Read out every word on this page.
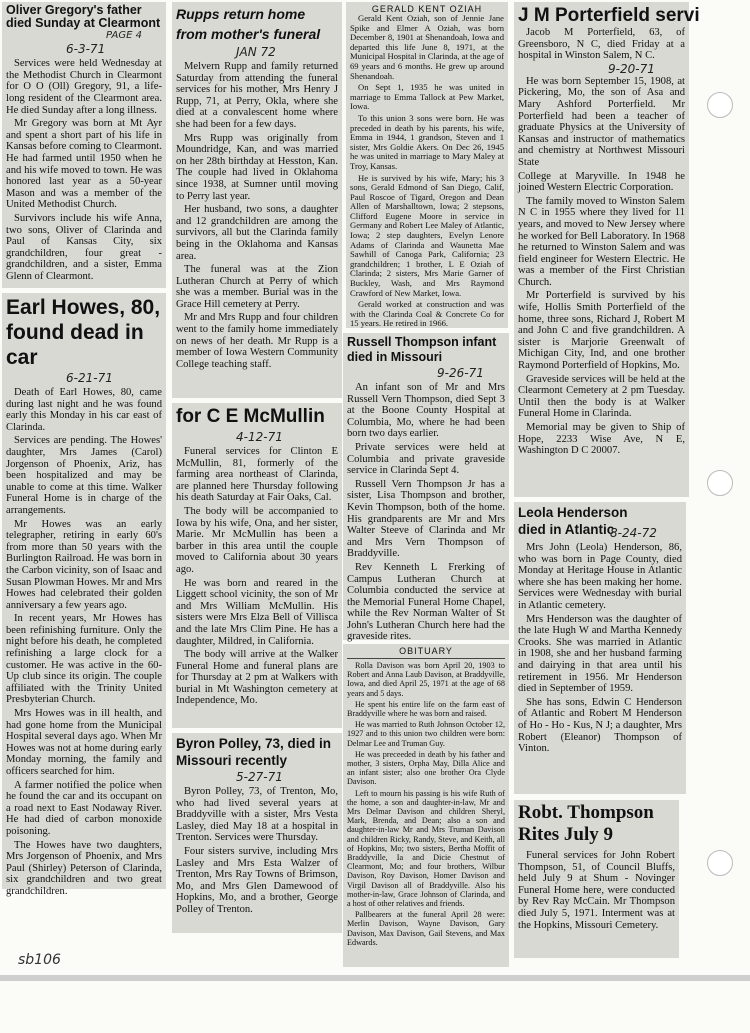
Oliver Gregory's father died Sunday at Clearmont
PAGE 4
6-3-71

Services were held Wednesday at the Methodist Church in Clearmont for O O (Oll) Gregory, 91, a life-long resident of the Clearmont area. He died Sunday after a long illness.

Mr Gregory was born at Mt Ayr and spent a short part of his life in Kansas before coming to Clearmont. He had farmed until 1950 when he and his wife moved to town. He was honored last year as a 50-year Mason and was a member of the United Methodist Church.

Survivors include his wife Anna, two sons, Oliver of Clarinda and Paul of Kansas City, six grandchildren, four great - grandchildren, and a sister, Emma Glenn of Clearmont.

Earl Howes, 80, found dead in car
6-21-71

Death of Earl Howes, 80, came during last night and he was found early this Monday in his car east of Clarinda.

Services are pending. The Howes' daughter, Mrs James (Carol) Jorgenson of Phoenix, Ariz, has been hospitalized and may be unable to come at this time. Walker Funeral Home is in charge of the arrangements.

Mr Howes was an early telegrapher, retiring in early 60's from more than 50 years with the Burlington Railroad. He was born in the Carbon vicinity, son of Isaac and Susan Plowman Howes. Mr and Mrs Howes had celebrated their golden anniversary a few years ago.

In recent years, Mr Howes has been refinishing furniture. Only the night before his death, he completed refinishing a large clock for a customer. He was active in the 60-Up club since its origin. The couple affiliated with the Trinity United Presbyterian Church.

Mrs Howes was in ill health, and had gone home from the Municipal Hospital several days ago. When Mr Howes was not at home during early Monday morning, the family and officers searched for him.

A farmer notified the police when he found the car and its occupant on a road next to East Nodaway River. He had died of carbon monoxide poisoning.

The Howes have two daughters, Mrs Jorgenson of Phoenix, and Mrs Paul (Shirley) Peterson of Clarinda, six grandchildren and two great grandchildren.

Rupps return home from mother's funeral
JAN 72

Melvern Rupp and family returned Saturday from attending the funeral services for his mother, Mrs Henry J Rupp, 71, at Perry, Okla, where she died at a convalescent home where she had been for a few days.

Mrs Rupp was originally from Moundridge, Kan, and was married on her 28th birthday at Hesston, Kan. The couple had lived in Oklahoma since 1938, at Sumner until moving to Perry last year.

Her husband, two sons, a daughter and 12 grandchildren are among the survivors, all but the Clarinda family being in the Oklahoma and Kansas area.

The funeral was at the Zion Lutheran Church at Perry of which she was a member. Burial was in the Grace Hill cemetery at Perry.

Mr and Mrs Rupp and four children went to the family home immediately on news of her death. Mr Rupp is a member of Iowa Western Community College teaching staff.

for C E McMullin
4-12-71

Funeral services for Clinton E McMullin, 81, formerly of the farming area northeast of Clarinda, are planned here Thursday following his death Saturday at Fair Oaks, Cal.

The body will be accompanied to Iowa by his wife, Ona, and her sister, Marie. Mr McMullin has been a barber in this area until the couple moved to California about 30 years ago.

He was born and reared in the Liggett school vicinity, the son of Mr and Mrs William McMullin. His sisters were Mrs Elza Bell of Villisca and the late Mrs Clim Pine. He has a daughter, Mildred, in California.

The body will arrive at the Walker Funeral Home and funeral plans are for Thursday at 2 pm at Walkers with burial in Mt Washington cemetery at Independence, Mo.

Byron Polley, 73, died in Missouri recently
5-27-71

Byron Polley, 73, of Trenton, Mo, who had lived several years at Braddyville with a sister, Mrs Vesta Lasley, died May 18 at a hospital in Trenton. Services were Thursday.

Four sisters survive, including Mrs Lasley and Mrs Esta Walzer of Trenton, Mrs Ray Towns of Brimson, Mo, and Mrs Glen Damewood of Hopkins, Mo, and a brother, George Polley of Trenton.

GERALD KENT OZIAH

Gerald Kent Oziah, son of Jennie Jane Spike and Elmer A Oziah, was born December 8, 1901 at Shenandoah, Iowa and departed this life June 8, 1971, at the Municipal Hospital in Clarinda, at the age of 69 years and 6 months. He grew up around Shenandoah.

On Sept 1, 1935 he was united in marriage to Emma Tallock at Pew Market, Iowa.

To this union 3 sons were born. He was preceded in death by his parents, his wife, Emma in 1944, 1 grandson, Steven and 1 sister, Mrs Goldie Akers. On Dec 26, 1945 he was united in marriage to Mary Maley at Troy, Kansas.

He is survived by his wife, Mary; his 3 sons, Gerald Edmond of San Diego, Calif, Paul Roscoe of Tigard, Oregon and Dean Allen of Marshalltown, Iowa; 2 stepsons, Clifford Eugene Moore in service in Germany and Robert Lee Maley of Atlantic, Iowa; 2 step daughters, Evelyn Lenore Adams of Clarinda and Waunetta Mae Sawhill of Canoga Park, California; 23 grandchildren; 1 brother, L E Oziah of Clarinda; 2 sisters, Mrs Marie Garner of Buckley, Wash, and Mrs Raymond Crawford of New Market, Iowa.

Gerald worked at construction and was with the Clarinda Coal & Concrete Co for 15 years. He retired in 1966.

Russell Thompson infant died in Missouri
9-26-71

An infant son of Mr and Mrs Russell Vern Thompson, died Sept 3 at the Boone County Hospital at Columbia, Mo, where he had been born two days earlier.

Private services were held at Columbia and private graveside service in Clarinda Sept 4.

Russell Vern Thompson Jr has a sister, Lisa Thompson and brother, Kevin Thompson, both of the home. His grandparents are Mr and Mrs Walter Steeve of Clarinda and Mr and Mrs Vern Thompson of Braddyville.

Rev Kenneth L Frerking of Campus Lutheran Church at Columbia conducted the service at the Memorial Funeral Home Chapel, while the Rev Norman Walter of St John's Lutheran Church here had the graveside rites.

OBITUARY

Rolla Davison was born April 20, 1903 to Robert and Anna Laub Davison, at Braddyville, Iowa, and died April 25, 1971 at the age of 68 years and 5 days.

He spent his entire life on the farm east of Braddyville where he was born and raised.

He was married to Ruth Johnson October 12, 1927 and to this union two children were born: Delmar Lee and Truman Guy.

He was preceeded in death by his father and mother, 3 sisters, Orpha May, Dilla Alice and an infant sister; also one brother Ora Clyde Davison.

Left to mourn his passing is his wife Ruth of the home, a son and daughter-in-law, Mr and Mrs Delmar Davison and children Sheryl, Mark, Brenda, and Dean; also a son and daughter-in-law Mr and Mrs Truman Davison and children Ricky, Randy, Steve, and Keith, all of Hopkins, Mo; two sisters, Bertha Moffit of Braddyville, Ia and Dicie Chestnut of Clearmont, Mo; and four brothers, Wilbur Davison, Roy Davison, Homer Davison and Virgil Davison all of Braddyville. Also his mother-in-law, Grace Johnson of Clarinda, and a host of other relatives and friends.

Pallbearers at the funeral April 28 were: Merlin Davison, Wayne Davison, Gary Davison, Max Davison, Gail Stevens, and Max Edwards.

J M Porterfield servi

Jacob M Porterfield, 63, of Greensboro, N C, died Friday at a hospital in Winston Salem, N C.

9-20-71

He was born September 15, 1908, at Pickering, Mo, the son of Asa and Mary Ashford Porterfield. Mr Porterfield had been a teacher of graduate Physics at the University of Kansas and instructor of mathematics and chemistry at Northwest Missouri State

College at Maryville. In 1948 he joined Western Electric Corporation.

The family moved to Winston Salem N C in 1955 where they lived for 11 years, and moved to New Jersey where he worked for Bell Laboratory. In 1968 he returned to Winston Salem and was field engineer for Western Electric. He was a member of the First Christian Church.

Mr Porterfield is survived by his wife, Hollis Smith Porterfield of the home, three sons, Richard J, Robert M and John C and five grandchildren. A sister is Marjorie Greenwalt of Michigan City, Ind, and one brother Raymond Porterfield of Hopkins, Mo.

Graveside services will be held at the Clearmont Cemetery at 2 pm Tuesday. Until then the body is at Walker Funeral Home in Clarinda.

Memorial may be given to Ship of Hope, 2233 Wise Ave, N E, Washington D C 20007.

Leola Henderson died in Atlantic
8-24-72

Mrs John (Leola) Henderson, 86, who was born in Page County, died Monday at Heritage House in Atlantic where she has been making her home. Services were Wednesday with burial in Atlantic cemetery.

Mrs Henderson was the daughter of the late Hugh W and Martha Kennedy Crooks. She was married in Atlantic in 1908, she and her husband farming and dairying in that area until his retirement in 1956. Mr Henderson died in September of 1959.

She has sons, Edwin C Henderson of Atlantic and Robert M Henderson of Ho - Ho - Kus, N J; a daughter, Mrs Robert (Eleanor) Thompson of Vinton.

Robt. Thompson Rites July 9

Funeral services for John Robert Thompson, 51, of Council Bluffs, held July 9 at Shum - Novinger Funeral Home here, were conducted by Rev Ray McCain. Mr Thompson died July 5, 1971. Interment was at the Hopkins, Missouri Cemetery.

sb106
